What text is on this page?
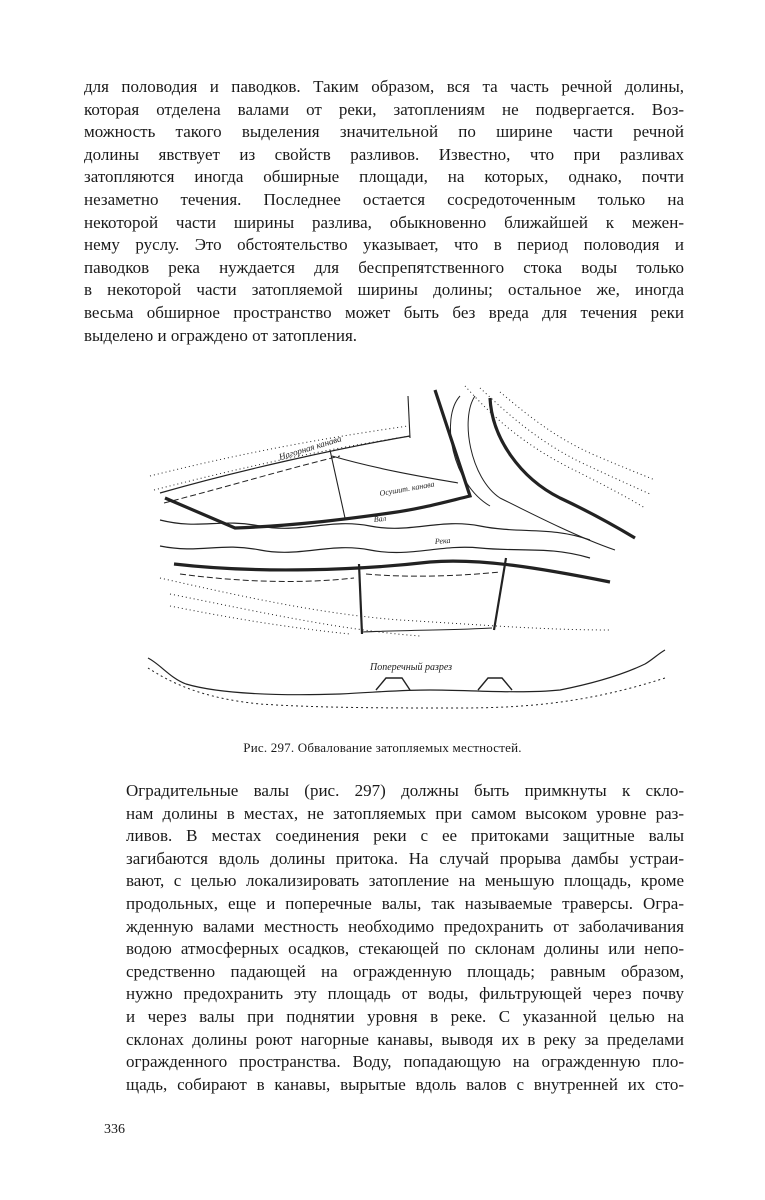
для половодия и паводков. Таким образом, вся та часть речной долины,
которая отделена валами от реки, затоплениям не подвергается. Воз-
можность такого выделения значительной по ширине части речной
долины явствует из свойств разливов. Известно, что при разливах
затопляются иногда обширные площади, на которых, однако, почти
незаметно течения. Последнее остается сосредоточенным только на
некоторой части ширины разлива, обыкновенно ближайшей к межен-
нему руслу. Это обстоятельство указывает, что в период половодия и
паводков река нуждается для беспрепятственного стока воды только
в некоторой части затопляемой ширины долины; остальное же, иногда
весьма обширное пространство может быть без вреда для течения реки
выделено и ограждено от затопления.
Нагорная канава
Осушит. канава
Вал
Река
Поперечный разрез
Рис. 297. Обвалование затопляемых местностей.
Оградительные валы (рис. 297) должны быть примкнуты к скло-
нам долины в местах, не затопляемых при самом высоком уровне раз-
ливов. В местах соединения реки с ее притоками защитные валы
загибаются вдоль долины притока. На случай прорыва дамбы устраи-
вают, с целью локализировать затопление на меньшую площадь, кроме
продольных, еще и поперечные валы, так называемые траверсы. Огра-
жденную валами местность необходимо предохранить от заболачивания
водою атмосферных осадков, стекающей по склонам долины или непо-
средственно падающей на огражденную площадь; равным образом,
нужно предохранить эту площадь от воды, фильтрующей через почву
и через валы при поднятии уровня в реке. С указанной целью на
склонах долины роют нагорные канавы, выводя их в реку за пределами
огражденного пространства. Воду, попадающую на огражденную пло-
щадь, собирают в канавы, вырытые вдоль валов с внутренней их сто-
336
